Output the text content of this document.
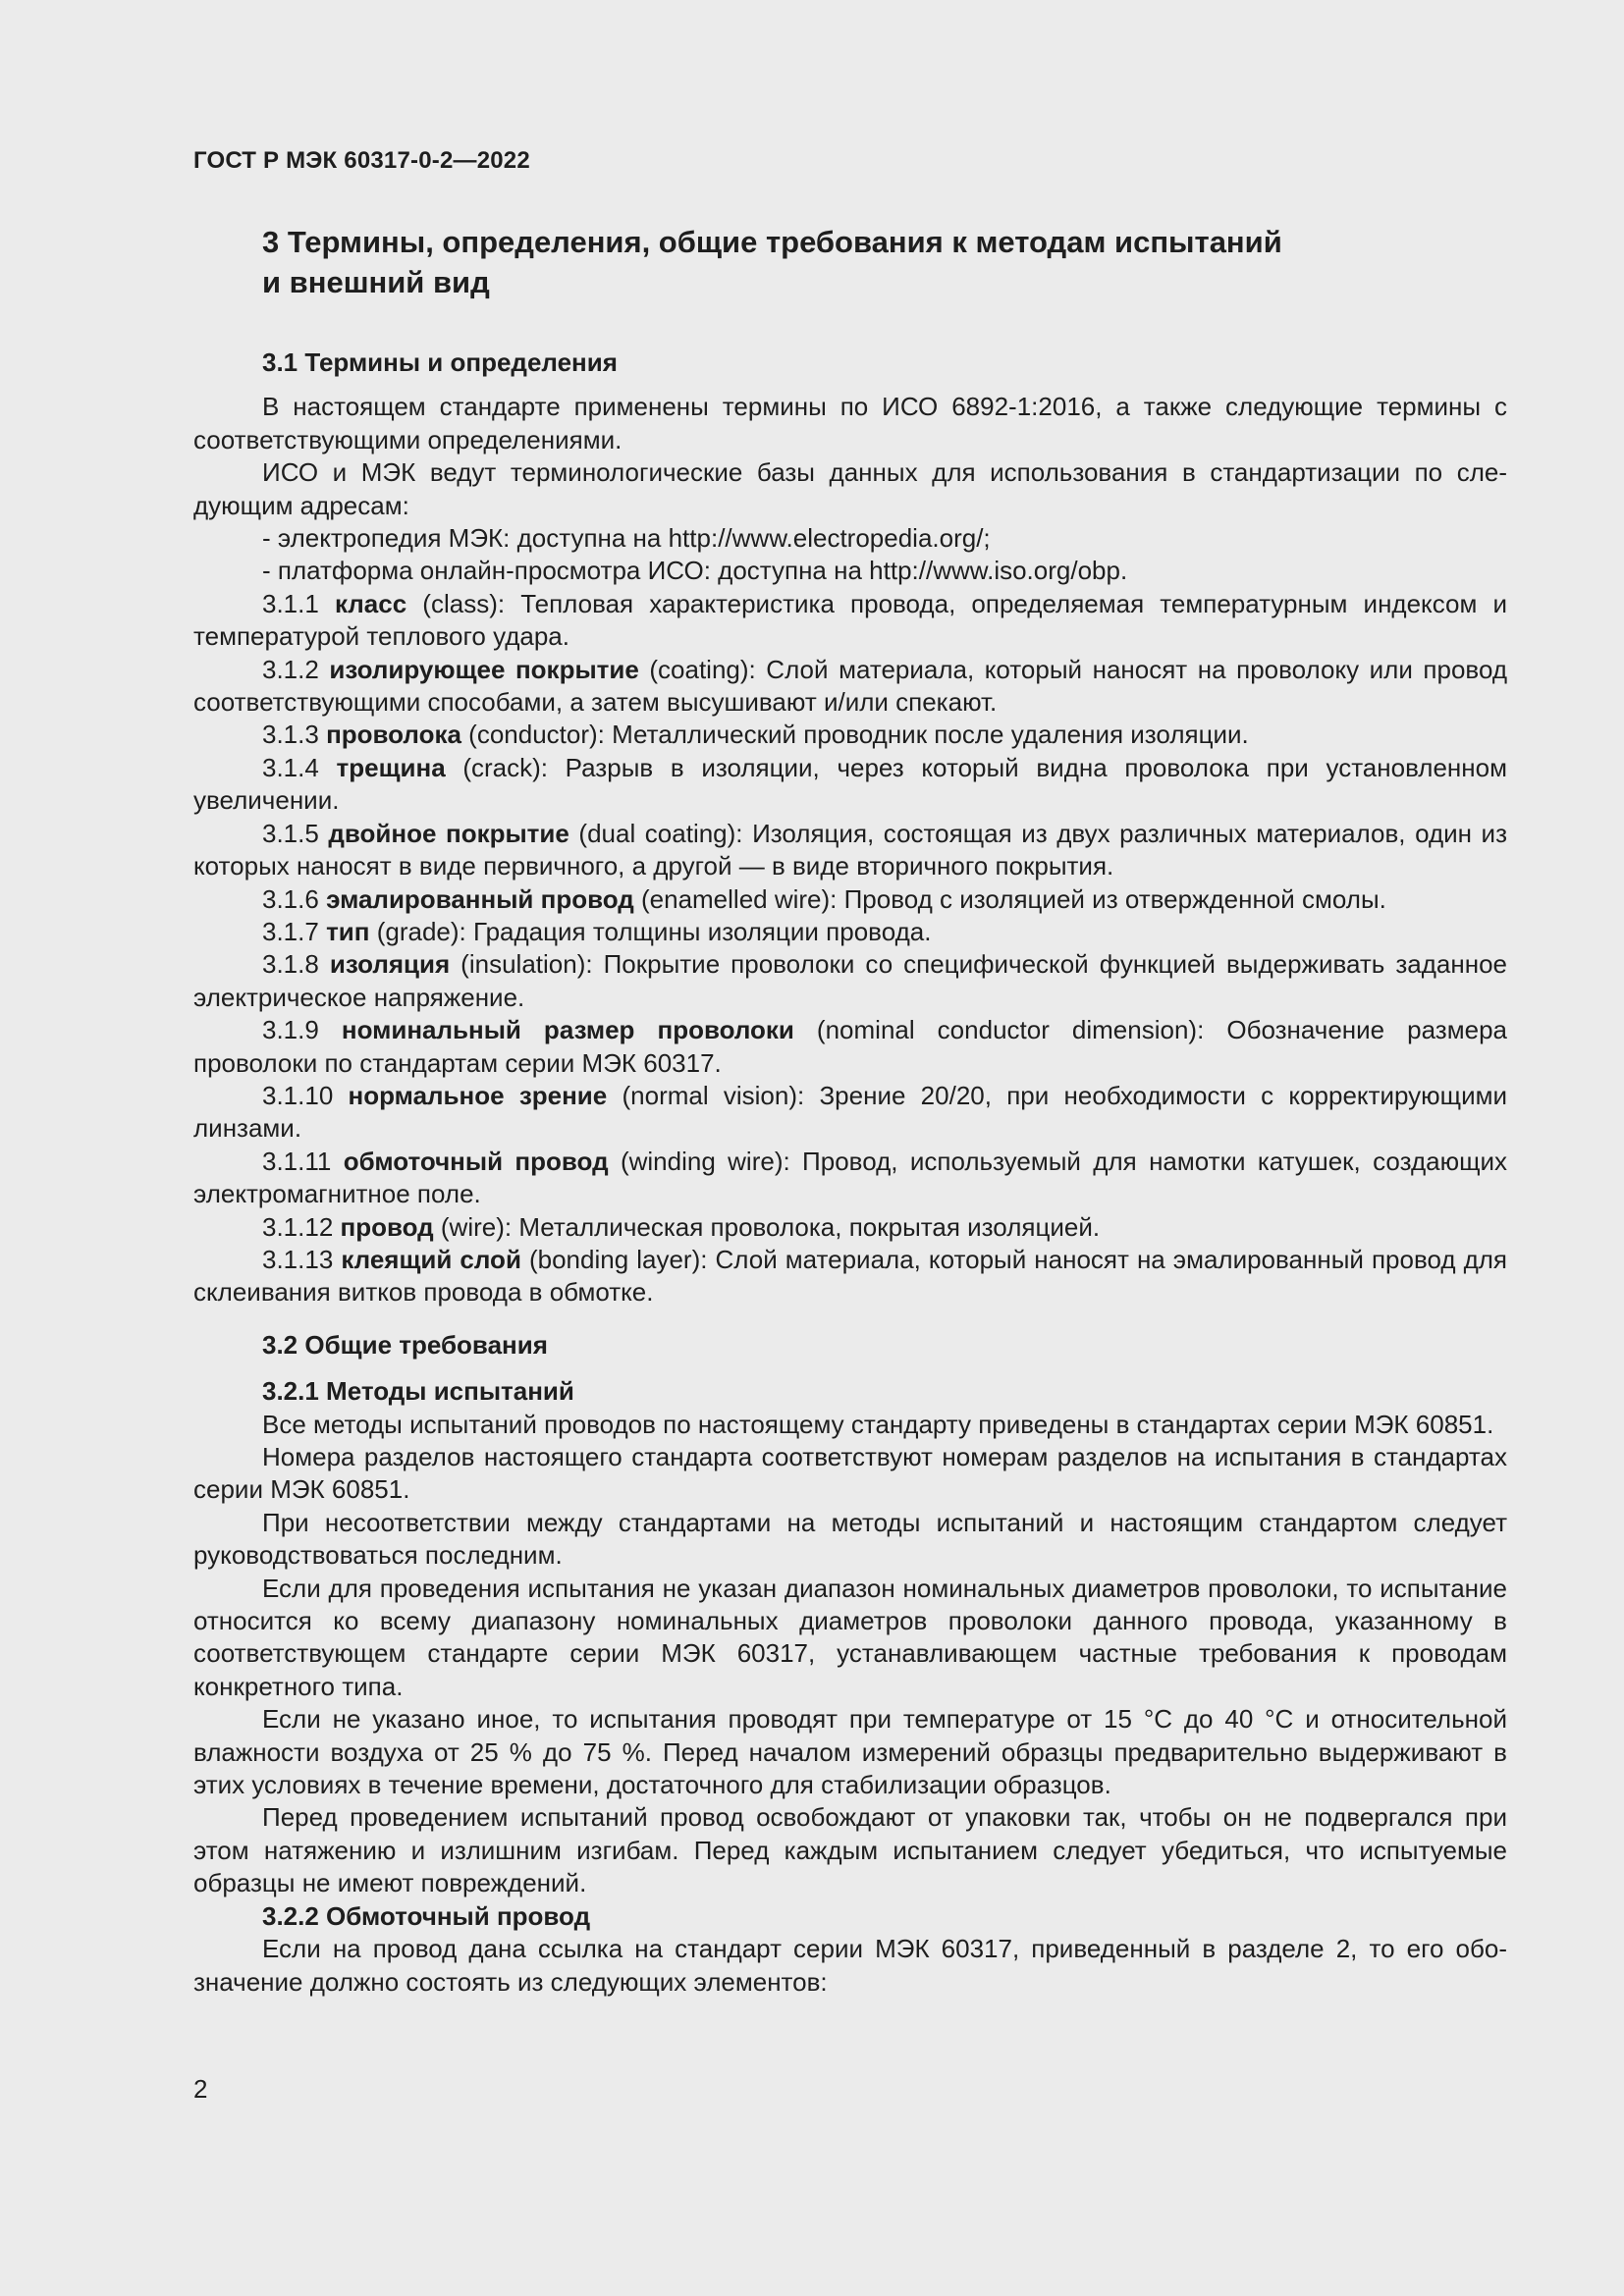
ГОСТ Р МЭК 60317-0-2—2022
3 Термины, определения, общие требования к методам испытаний
и внешний вид
3.1 Термины и определения

В настоящем стандарте применены термины по ИСО 6892-1:2016, а также следующие термины с соответствующими определениями.

ИСО и МЭК ведут терминологические базы данных для использования в стандартизации по следующим адресам:

- электропедия МЭК: доступна на http://www.electropedia.org/;
- платформа онлайн-просмотра ИСО: доступна на http://www.iso.org/obp.

3.1.1 класс (class): Тепловая характеристика провода, определяемая температурным индексом и температурой теплового удара.

3.1.2 изолирующее покрытие (coating): Слой материала, который наносят на проволоку или провод соответствующими способами, а затем высушивают и/или спекают.

3.1.3 проволока (conductor): Металлический проводник после удаления изоляции.

3.1.4 трещина (crack): Разрыв в изоляции, через который видна проволока при установленном увеличении.

3.1.5 двойное покрытие (dual coating): Изоляция, состоящая из двух различных материалов, один из которых наносят в виде первичного, а другой — в виде вторичного покрытия.

3.1.6 эмалированный провод (enamelled wire): Провод с изоляцией из отвержденной смолы.

3.1.7 тип (grade): Градация толщины изоляции провода.

3.1.8 изоляция (insulation): Покрытие проволоки со специфической функцией выдерживать заданное электрическое напряжение.

3.1.9 номинальный размер проволоки (nominal conductor dimension): Обозначение размера проволоки по стандартам серии МЭК 60317.

3.1.10 нормальное зрение (normal vision): Зрение 20/20, при необходимости с корректирующими линзами.

3.1.11 обмоточный провод (winding wire): Провод, используемый для намотки катушек, создающих электромагнитное поле.

3.1.12 провод (wire): Металлическая проволока, покрытая изоляцией.

3.1.13 клеящий слой (bonding layer): Слой материала, который наносят на эмалированный провод для склеивания витков провода в обмотке.

3.2 Общие требования
3.2.1 Методы испытаний

Все методы испытаний проводов по настоящему стандарту приведены в стандартах серии МЭК 60851.

Номера разделов настоящего стандарта соответствуют номерам разделов на испытания в стандартах серии МЭК 60851.

При несоответствии между стандартами на методы испытаний и настоящим стандартом следует руководствоваться последним.

Если для проведения испытания не указан диапазон номинальных диаметров проволоки, то испытание относится ко всему диапазону номинальных диаметров проволоки данного провода, указанному в соответствующем стандарте серии МЭК 60317, устанавливающем частные требования к проводам конкретного типа.

Если не указано иное, то испытания проводят при температуре от 15 °С до 40 °С и относительной влажности воздуха от 25 % до 75 %. Перед началом измерений образцы предварительно выдерживают в этих условиях в течение времени, достаточного для стабилизации образцов.

Перед проведением испытаний провод освобождают от упаковки так, чтобы он не подвергался при этом натяжению и излишним изгибам. Перед каждым испытанием следует убедиться, что испытуемые образцы не имеют повреждений.

3.2.2 Обмоточный провод

Если на провод дана ссылка на стандарт серии МЭК 60317, приведенный в разделе 2, то его обозначение должно состоять из следующих элементов:

2
